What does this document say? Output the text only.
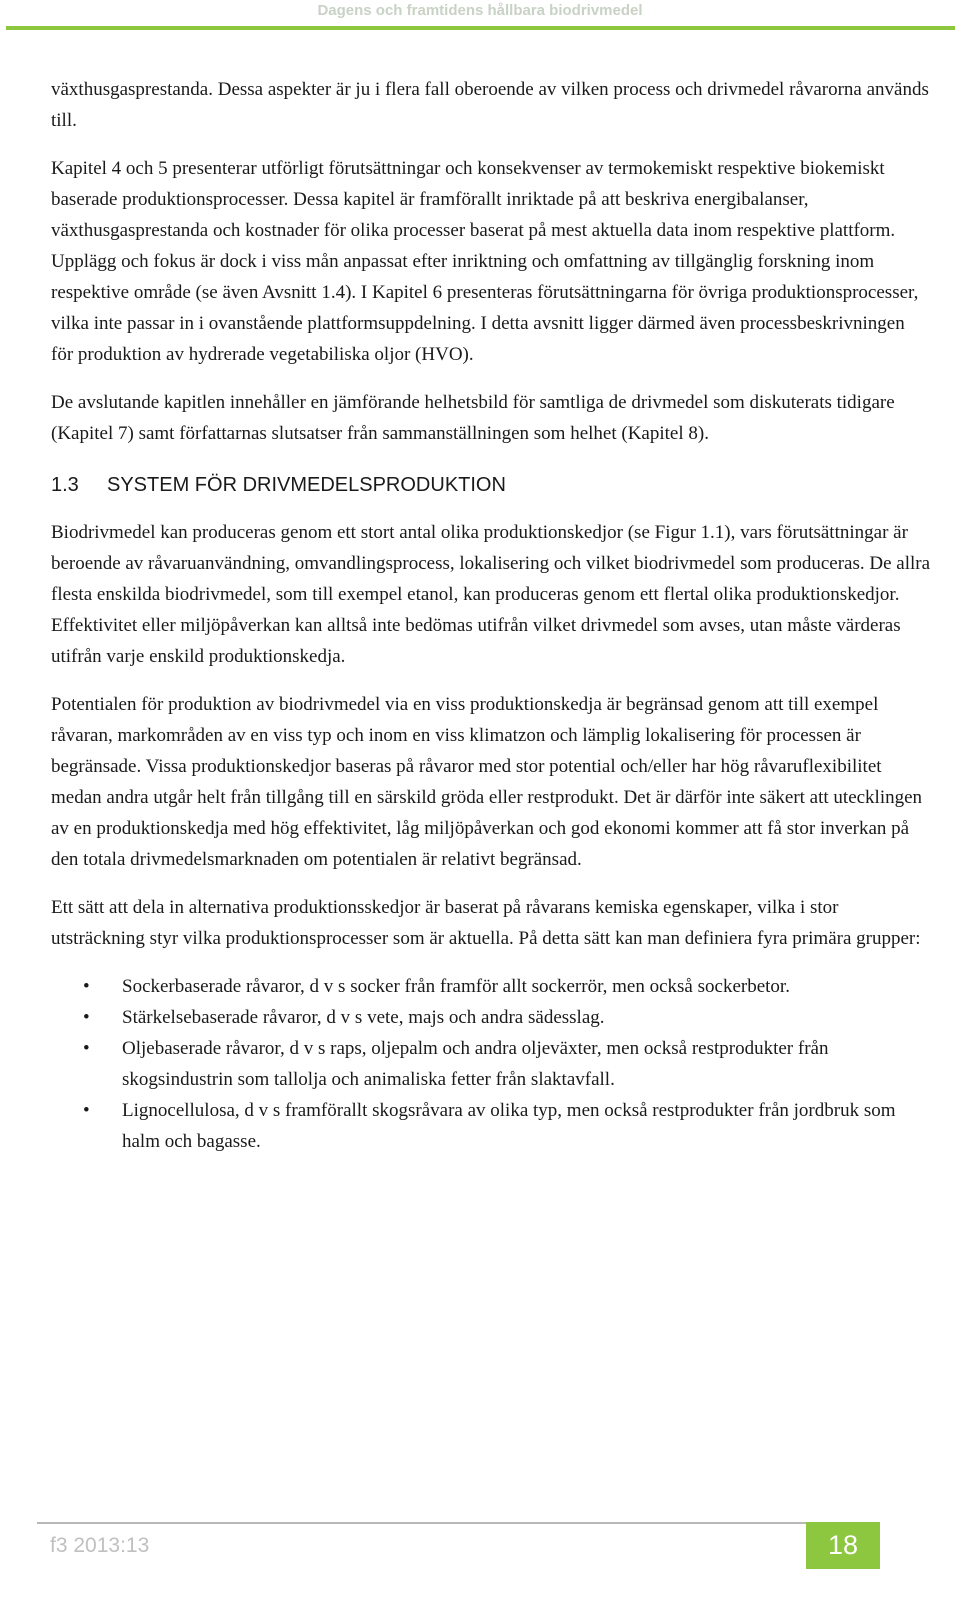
Dagens och framtidens hållbara biodrivmedel

växthusgasprestanda. Dessa aspekter är ju i flera fall oberoende av vilken process och drivmedel råvarorna används till.

Kapitel 4 och 5 presenterar utförligt förutsättningar och konsekvenser av termokemiskt respektive biokemiskt baserade produktionsprocesser. Dessa kapitel är framförallt inriktade på att beskriva energibalanser, växthusgasprestanda och kostnader för olika processer baserat på mest aktuella data inom respektive plattform. Upplägg och fokus är dock i viss mån anpassat efter inriktning och omfattning av tillgänglig forskning inom respektive område (se även Avsnitt 1.4). I Kapitel 6 presenteras förutsättningarna för övriga produktionsprocesser, vilka inte passar in i ovanstående plattformsuppdelning. I detta avsnitt ligger därmed även processbeskrivningen för produktion av hydrerade vegetabiliska oljor (HVO).

De avslutande kapitlen innehåller en jämförande helhetsbild för samtliga de drivmedel som diskuterats tidigare (Kapitel 7) samt författarnas slutsatser från sammanställningen som helhet (Kapitel 8).

1.3 SYSTEM FÖR DRIVMEDELSPRODUKTION

Biodrivmedel kan produceras genom ett stort antal olika produktionskedjor (se Figur 1.1), vars förutsättningar är beroende av råvaruanvändning, omvandlingsprocess, lokalisering och vilket biodrivmedel som produceras. De allra flesta enskilda biodrivmedel, som till exempel etanol, kan produceras genom ett flertal olika produktionskedjor. Effektivitet eller miljöpåverkan kan alltså inte bedömas utifrån vilket drivmedel som avses, utan måste värderas utifrån varje enskild produktionskedja.

Potentialen för produktion av biodrivmedel via en viss produktionskedja är begränsad genom att till exempel råvaran, markområden av en viss typ och inom en viss klimatzon och lämplig lokalisering för processen är begränsade. Vissa produktionskedjor baseras på råvaror med stor potential och/eller har hög råvaruflexibilitet medan andra utgår helt från tillgång till en särskild gröda eller restprodukt. Det är därför inte säkert att utecklingen av en produktionskedja med hög effektivitet, låg miljöpåverkan och god ekonomi kommer att få stor inverkan på den totala drivmedelsmarknaden om potentialen är relativt begränsad.

Ett sätt att dela in alternativa produktionsskedjor är baserat på råvarans kemiska egenskaper, vilka i stor utsträckning styr vilka produktionsprocesser som är aktuella. På detta sätt kan man definiera fyra primära grupper:

• Sockerbaserade råvaror, d v s socker från framför allt sockerrör, men också sockerbetor.
• Stärkelsebaserade råvaror, d v s vete, majs och andra sädesslag.
• Oljebaserade råvaror, d v s raps, oljepalm och andra oljeväxter, men också restprodukter från skogsindustrin som tallolja och animaliska fetter från slaktavfall.
• Lignocellulosa, d v s framförallt skogsråvara av olika typ, men också restprodukter från jordbruk som halm och bagasse.
f3 2013:13	18
